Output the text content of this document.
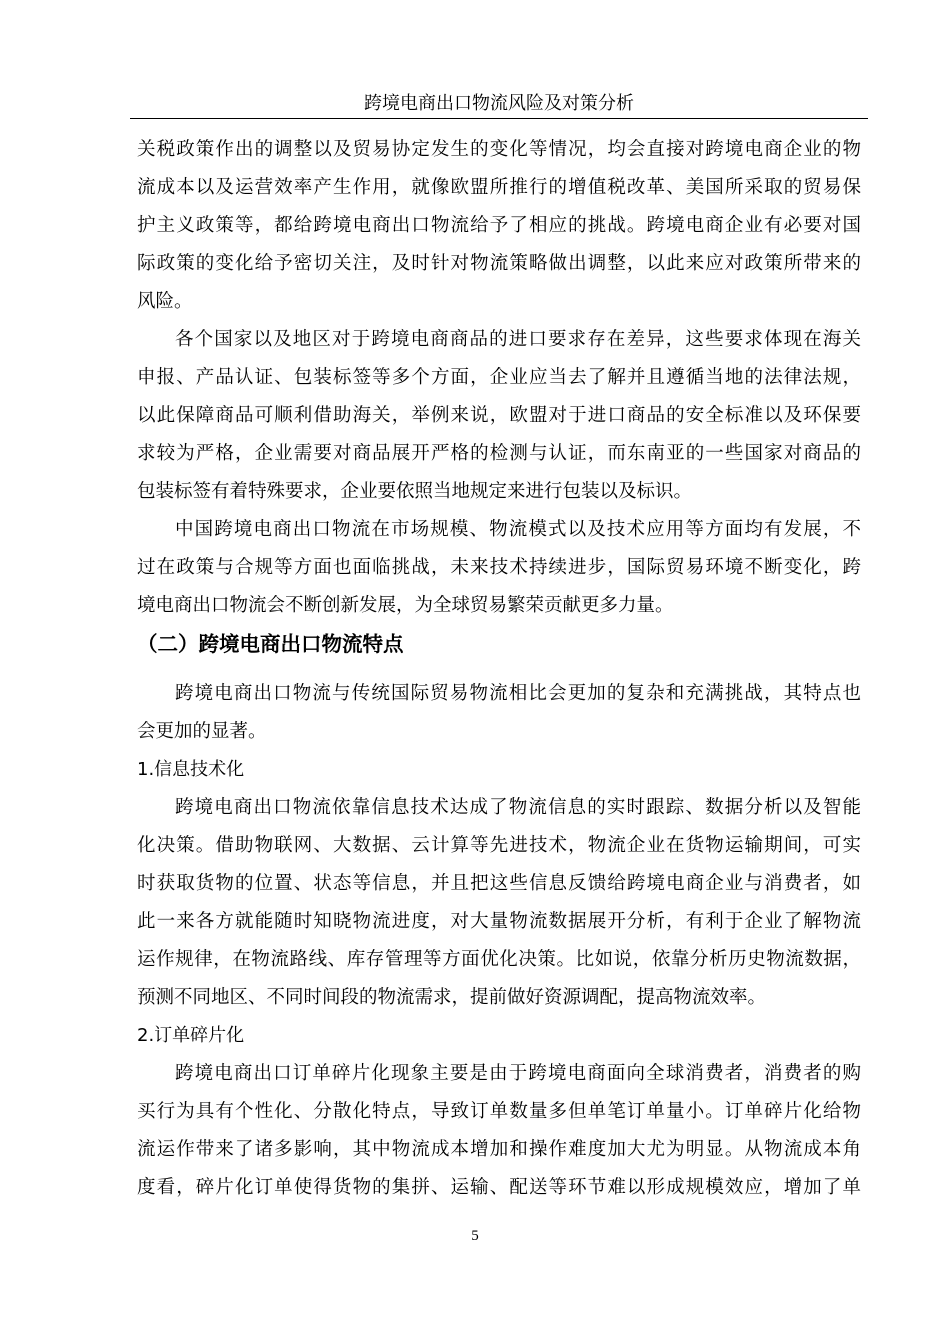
跨境电商出口物流风险及对策分析
关税政策作出的调整以及贸易协定发生的变化等情况，均会直接对跨境电商企业的物
流成本以及运营效率产生作用，就像欧盟所推行的增值税改革、美国所采取的贸易保
护主义政策等，都给跨境电商出口物流给予了相应的挑战。跨境电商企业有必要对国
际政策的变化给予密切关注，及时针对物流策略做出调整，以此来应对政策所带来的
风险。
各个国家以及地区对于跨境电商商品的进口要求存在差异，这些要求体现在海关
申报、产品认证、包装标签等多个方面，企业应当去了解并且遵循当地的法律法规，
以此保障商品可顺利借助海关，举例来说，欧盟对于进口商品的安全标准以及环保要
求较为严格，企业需要对商品展开严格的检测与认证，而东南亚的一些国家对商品的
包装标签有着特殊要求，企业要依照当地规定来进行包装以及标识。
中国跨境电商出口物流在市场规模、物流模式以及技术应用等方面均有发展，不
过在政策与合规等方面也面临挑战，未来技术持续进步，国际贸易环境不断变化，跨
境电商出口物流会不断创新发展，为全球贸易繁荣贡献更多力量。
（二）跨境电商出口物流特点
跨境电商出口物流与传统国际贸易物流相比会更加的复杂和充满挑战，其特点也
会更加的显著。
1.信息技术化
跨境电商出口物流依靠信息技术达成了物流信息的实时跟踪、数据分析以及智能
化决策。借助物联网、大数据、云计算等先进技术，物流企业在货物运输期间，可实
时获取货物的位置、状态等信息，并且把这些信息反馈给跨境电商企业与消费者，如
此一来各方就能随时知晓物流进度，对大量物流数据展开分析，有利于企业了解物流
运作规律，在物流路线、库存管理等方面优化决策。比如说，依靠分析历史物流数据，
预测不同地区、不同时间段的物流需求，提前做好资源调配，提高物流效率。
2.订单碎片化
跨境电商出口订单碎片化现象主要是由于跨境电商面向全球消费者，消费者的购
买行为具有个性化、分散化特点，导致订单数量多但单笔订单量小。订单碎片化给物
流运作带来了诸多影响，其中物流成本增加和操作难度加大尤为明显。从物流成本角
度看，碎片化订单使得货物的集拼、运输、配送等环节难以形成规模效应，增加了单
5
